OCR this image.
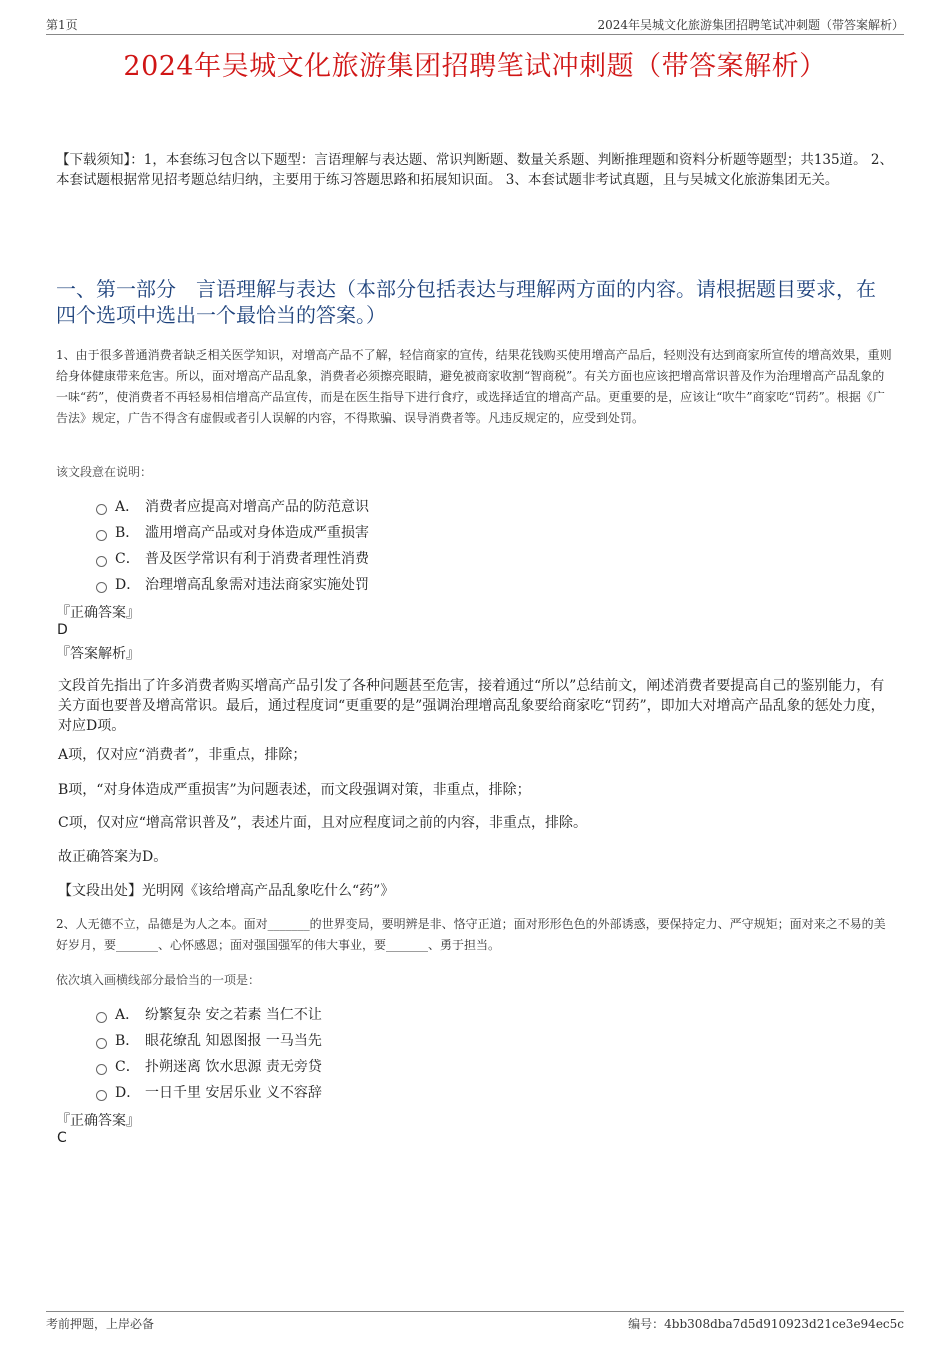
第1页	2024年吴城文化旅游集团招聘笔试冲刺题（带答案解析）
2024年吴城文化旅游集团招聘笔试冲刺题（带答案解析）
【下载须知】：1，本套练习包含以下题型：言语理解与表达题、常识判断题、数量关系题、判断推理题和资料分析题等题型；共135道。 2、本套试题根据常见招考题总结归纳，主要用于练习答题思路和拓展知识面。 3、本套试题非考试真题，且与吴城文化旅游集团无关。
一、第一部分　言语理解与表达（本部分包括表达与理解两方面的内容。请根据题目要求，在四个选项中选出一个最恰当的答案。）
1、由于很多普通消费者缺乏相关医学知识，对增高产品不了解，轻信商家的宣传，结果花钱购买使用增高产品后，轻则没有达到商家所宣传的增高效果，重则给身体健康带来危害。所以，面对增高产品乱象，消费者必须擦亮眼睛，避免被商家收割“智商税”。有关方面也应该把增高常识普及作为治理增高产品乱象的一味“药”，使消费者不再轻易相信增高产品宣传，而是在医生指导下进行食疗，或选择适宜的增高产品。更重要的是，应该让“吹牛”商家吃“罚药”。根据《广告法》规定，广告不得含有虚假或者引人误解的内容，不得欺骗、误导消费者等。凡违反规定的，应受到处罚。
该文段意在说明：
A． 消费者应提高对增高产品的防范意识
B． 滥用增高产品或对身体造成严重损害
C． 普及医学常识有利于消费者理性消费
D． 治理增高乱象需对违法商家实施处罚
『正确答案』
D
『答案解析』
文段首先指出了许多消费者购买增高产品引发了各种问题甚至危害，接着通过“所以”总结前文，阐述消费者要提高自己的鉴别能力，有关方面也要普及增高常识。最后，通过程度词“更重要的是”强调治理增高乱象要给商家吃“罚药”，即加大对增高产品乱象的惩处力度，对应D项。
A项，仅对应“消费者”，非重点，排除；
B项，“对身体造成严重损害”为问题表述，而文段强调对策，非重点，排除；
C项，仅对应“增高常识普及”，表述片面，且对应程度词之前的内容，非重点，排除。
故正确答案为D。
【文段出处】光明网《该给增高产品乱象吃什么“药”》
2、人无德不立，品德是为人之本。面对_______的世界变局，要明辨是非、恪守正道；面对形形色色的外部诱惑，要保持定力、严守规矩；面对来之不易的美好岁月，要_______、心怀感恩；面对强国强军的伟大事业，要_______、勇于担当。
依次填入画横线部分最恰当的一项是：
A． 纷繁复杂 安之若素 当仁不让
B． 眼花缭乱 知恩图报 一马当先
C． 扑朔迷离 饮水思源 责无旁贷
D． 一日千里 安居乐业 义不容辞
『正确答案』
C
考前押题，上岸必备	编号：4bb308dba7d5d910923d21ce3e94ec5c
